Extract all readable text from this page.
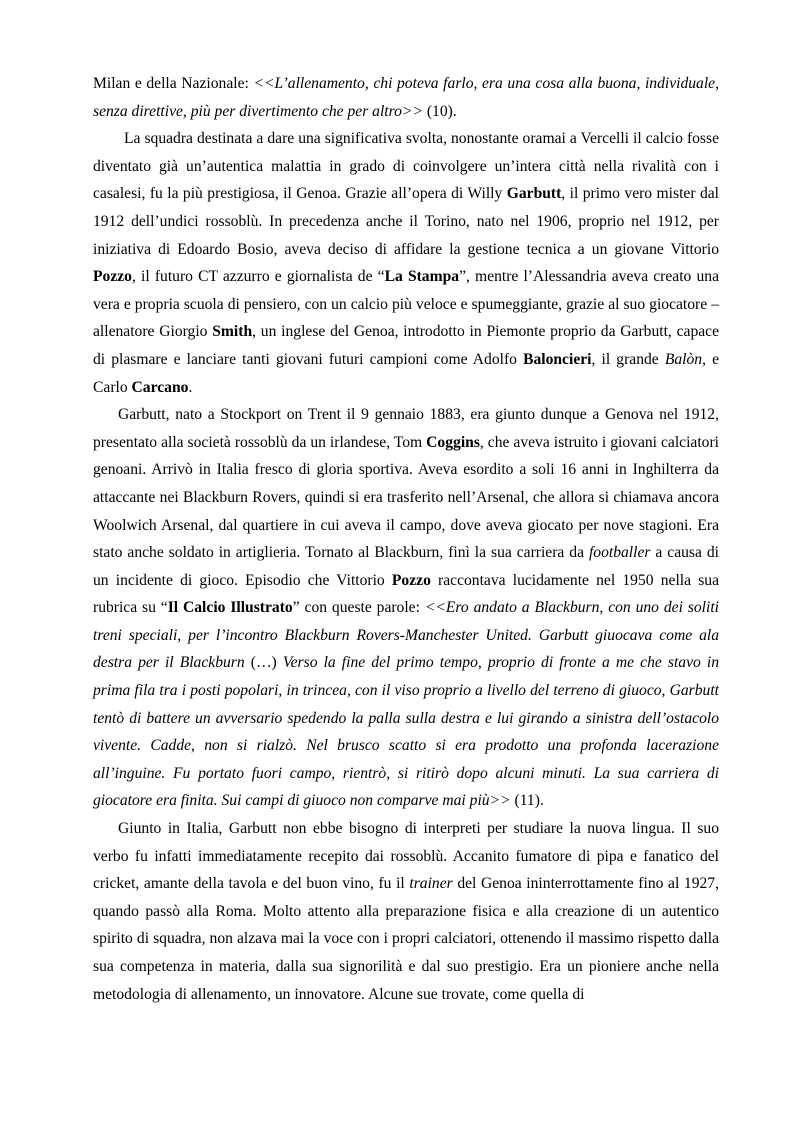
Milan e della Nazionale: <<L’allenamento, chi poteva farlo, era una cosa alla buona, individuale, senza direttive, più per divertimento che per altro>> (10).

La squadra destinata a dare una significativa svolta, nonostante oramai a Vercelli il calcio fosse diventato già un’autentica malattia in grado di coinvolgere un’intera città nella rivalità con i casalesi, fu la più prestigiosa, il Genoa. Grazie all’opera di Willy Garbutt, il primo vero mister dal 1912 dell’undici rossoblù. In precedenza anche il Torino, nato nel 1906, proprio nel 1912, per iniziativa di Edoardo Bosio, aveva deciso di affidare la gestione tecnica a un giovane Vittorio Pozzo, il futuro CT azzurro e giornalista de “La Stampa”, mentre l’Alessandria aveva creato una vera e propria scuola di pensiero, con un calcio più veloce e spumeggiante, grazie al suo giocatore – allenatore Giorgio Smith, un inglese del Genoa, introdotto in Piemonte proprio da Garbutt, capace di plasmare e lanciare tanti giovani futuri campioni come Adolfo Baloncieri, il grande Balòn, e Carlo Carcano.

Garbutt, nato a Stockport on Trent il 9 gennaio 1883, era giunto dunque a Genova nel 1912, presentato alla società rossoblù da un irlandese, Tom Coggins, che aveva istruito i giovani calciatori genoani. Arrivò in Italia fresco di gloria sportiva. Aveva esordito a soli 16 anni in Inghilterra da attaccante nei Blackburn Rovers, quindi si era trasferito nell’Arsenal, che allora si chiamava ancora Woolwich Arsenal, dal quartiere in cui aveva il campo, dove aveva giocato per nove stagioni. Era stato anche soldato in artiglieria. Tornato al Blackburn, finì la sua carriera da footballer a causa di un incidente di gioco. Episodio che Vittorio Pozzo raccontava lucidamente nel 1950 nella sua rubrica su “Il Calcio Illustrato” con queste parole: <<Ero andato a Blackburn, con uno dei soliti treni speciali, per l’incontro Blackburn Rovers-Manchester United. Garbutt giuocava come ala destra per il Blackburn (…) Verso la fine del primo tempo, proprio di fronte a me che stavo in prima fila tra i posti popolari, in trincea, con il viso proprio a livello del terreno di giuoco, Garbutt tentò di battere un avversario spedendo la palla sulla destra e lui girando a sinistra dell’ostacolo vivente. Cadde, non si rialzò. Nel brusco scatto si era prodotto una profonda lacerazione all’inguine. Fu portato fuori campo, rientrò, si ritirò dopo alcuni minuti. La sua carriera di giocatore era finita. Sui campi di giuoco non comparve mai più>> (11).

Giunto in Italia, Garbutt non ebbe bisogno di interpreti per studiare la nuova lingua. Il suo verbo fu infatti immediatamente recepito dai rossoblù. Accanito fumatore di pipa e fanatico del cricket, amante della tavola e del buon vino, fu il trainer del Genoa ininterrottamente fino al 1927, quando passò alla Roma. Molto attento alla preparazione fisica e alla creazione di un autentico spirito di squadra, non alzava mai la voce con i propri calciatori, ottenendo il massimo rispetto dalla sua competenza in materia, dalla sua signorilità e dal suo prestigio. Era un pioniere anche nella metodologia di allenamento, un innovatore. Alcune sue trovate, come quella di
